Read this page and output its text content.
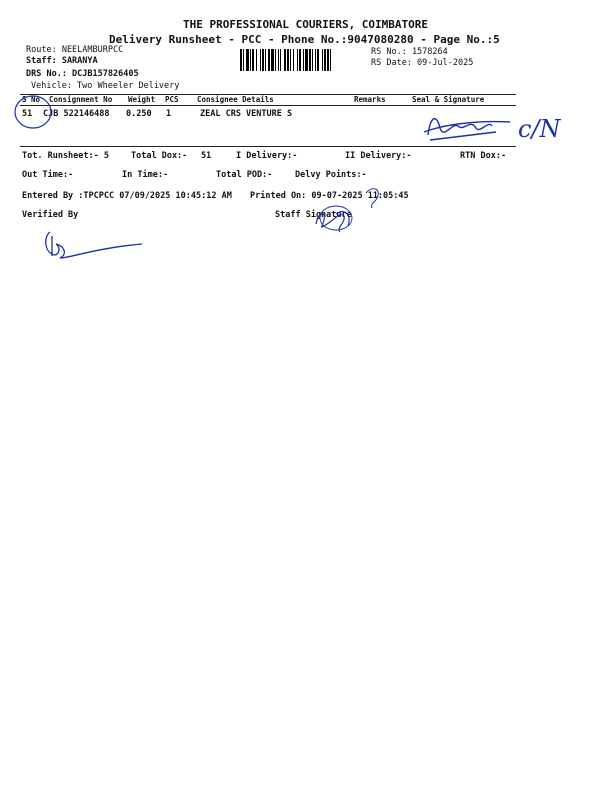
THE PROFESSIONAL COURIERS, COIMBATORE
Delivery Runsheet - PCC - Phone No.:9047080280 - Page No.:5
Route: NEELAMBURPCC
Staff: SARANYA
DRS No.: DCJB157826405
Vehicle: Two Wheeler Delivery
RS No.: 1578264
RS Date: 09-Jul-2025
S No Consignment No Weight PCS Consignee Details	Remarks	Seal & Signature
51 CJB 522146488 0.250 1	ZEAL CRS VENTURE S
Tot. Runsheet:- 5	Total Dox:- 51	I Delivery:-	II Delivery:-	RTN Dox:-
Out Time:-	In Time:-	Total POD:-	Delvy Points:-
Entered By :TPCPCC 07/09/2025 10:45:12 AM Printed On: 09-07-2025 11:05:45
Verified By	Staff Signature
c/N
